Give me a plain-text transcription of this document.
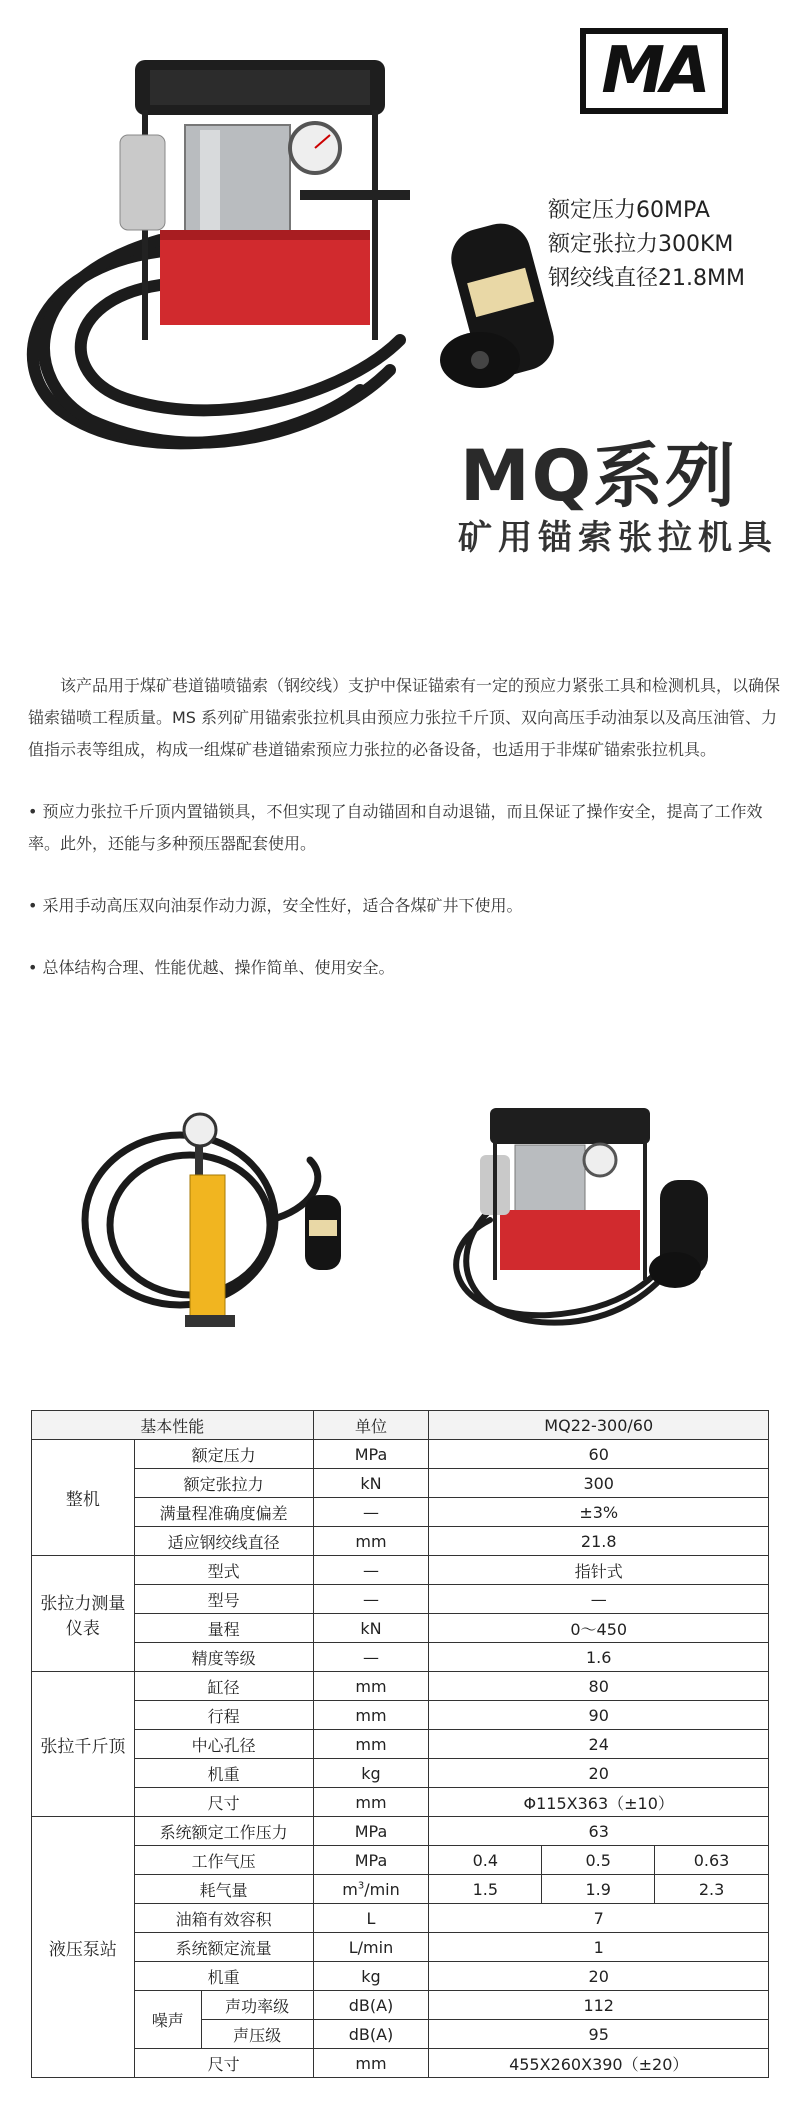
MA
额定压力60MPA
额定张拉力300KM
钢绞线直径21.8MM
MQ系列
矿用锚索张拉机具

该产品用于煤矿巷道锚喷锚索（钢绞线）支护中保证锚索有一定的预应力紧张工具和检测机具，以确保锚索锚喷工程质量。MS 系列矿用锚索张拉机具由预应力张拉千斤顶、双向高压手动油泵以及高压油管、力值指示表等组成，构成一组煤矿巷道锚索预应力张拉的必备设备，也适用于非煤矿锚索张拉机具。

• 预应力张拉千斤顶内置锚锁具，不但实现了自动锚固和自动退锚，而且保证了操作安全，提高了工作效率。此外，还能与多种预压器配套使用。

• 采用手动高压双向油泵作动力源，安全性好，适合各煤矿井下使用。

• 总体结构合理、性能优越、操作简单、使用安全。

基本性能			单位	MQ22-300/60		
整机	额定压力		MPa	60		
	额定张拉力		kN	300		
	满量程准确度偏差		—	±3%		
	适应钢绞线直径		mm	21.8		
张拉力测量仪表	型式		—	指针式		
	型号		—	—		
	量程		kN	0～450		
	精度等级		—	1.6		
张拉千斤顶	缸径		mm	80		
	行程		mm	90		
	中心孔径		mm	24		
	机重		kg	20		
	尺寸		mm	Φ115X363（±10）		
液压泵站	系统额定工作压力		MPa	63		
	工作气压		MPa	0.4	0.5	0.63
	耗气量		$m^3/\min$	1.5	1.9	2.3
	油箱有效容积		L	7		
	系统额定流量		L/min	1		
	机重		kg	20		
	噪声	声功率级	dB(A)	112		
		声压级	dB(A)	95		
	尺寸		mm	455X260X390（±20）		
